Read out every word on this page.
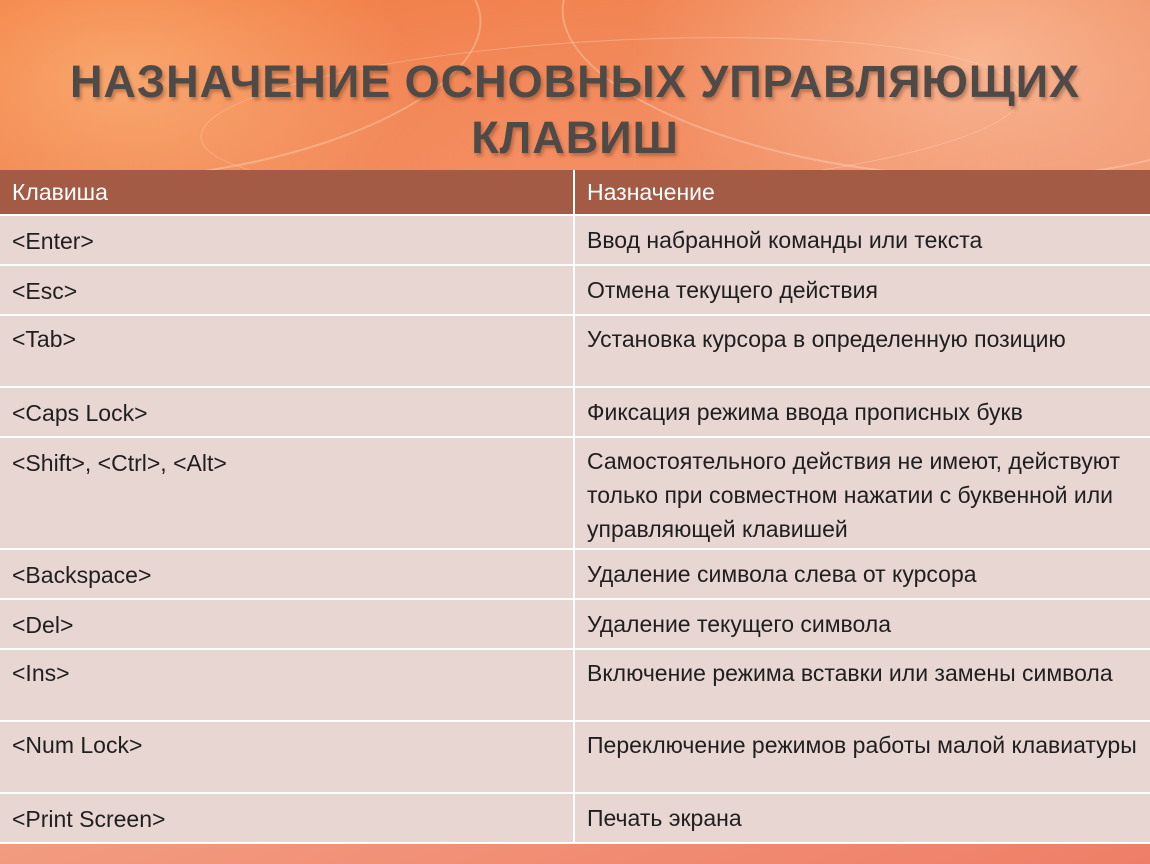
НАЗНАЧЕНИЕ ОСНОВНЫХ УПРАВЛЯЮЩИХ
КЛАВИШ
Клавиша	Назначение
<Enter>	Ввод набранной команды или текста
<Esc>	Отмена текущего действия
<Tab>	Установка курсора в определенную позицию
<Caps Lock>	Фиксация режима ввода прописных букв
<Shift>, <Ctrl>, <Alt>	Самостоятельного действия не имеют, действуют только при совместном нажатии с буквенной или управляющей клавишей
<Backspace>	Удаление символа слева от курсора
<Del>	Удаление текущего символа
<Ins>	Включение режима вставки или замены символа
<Num Lock>	Переключение режимов работы малой клавиатуры
<Print Screen>	Печать экрана
